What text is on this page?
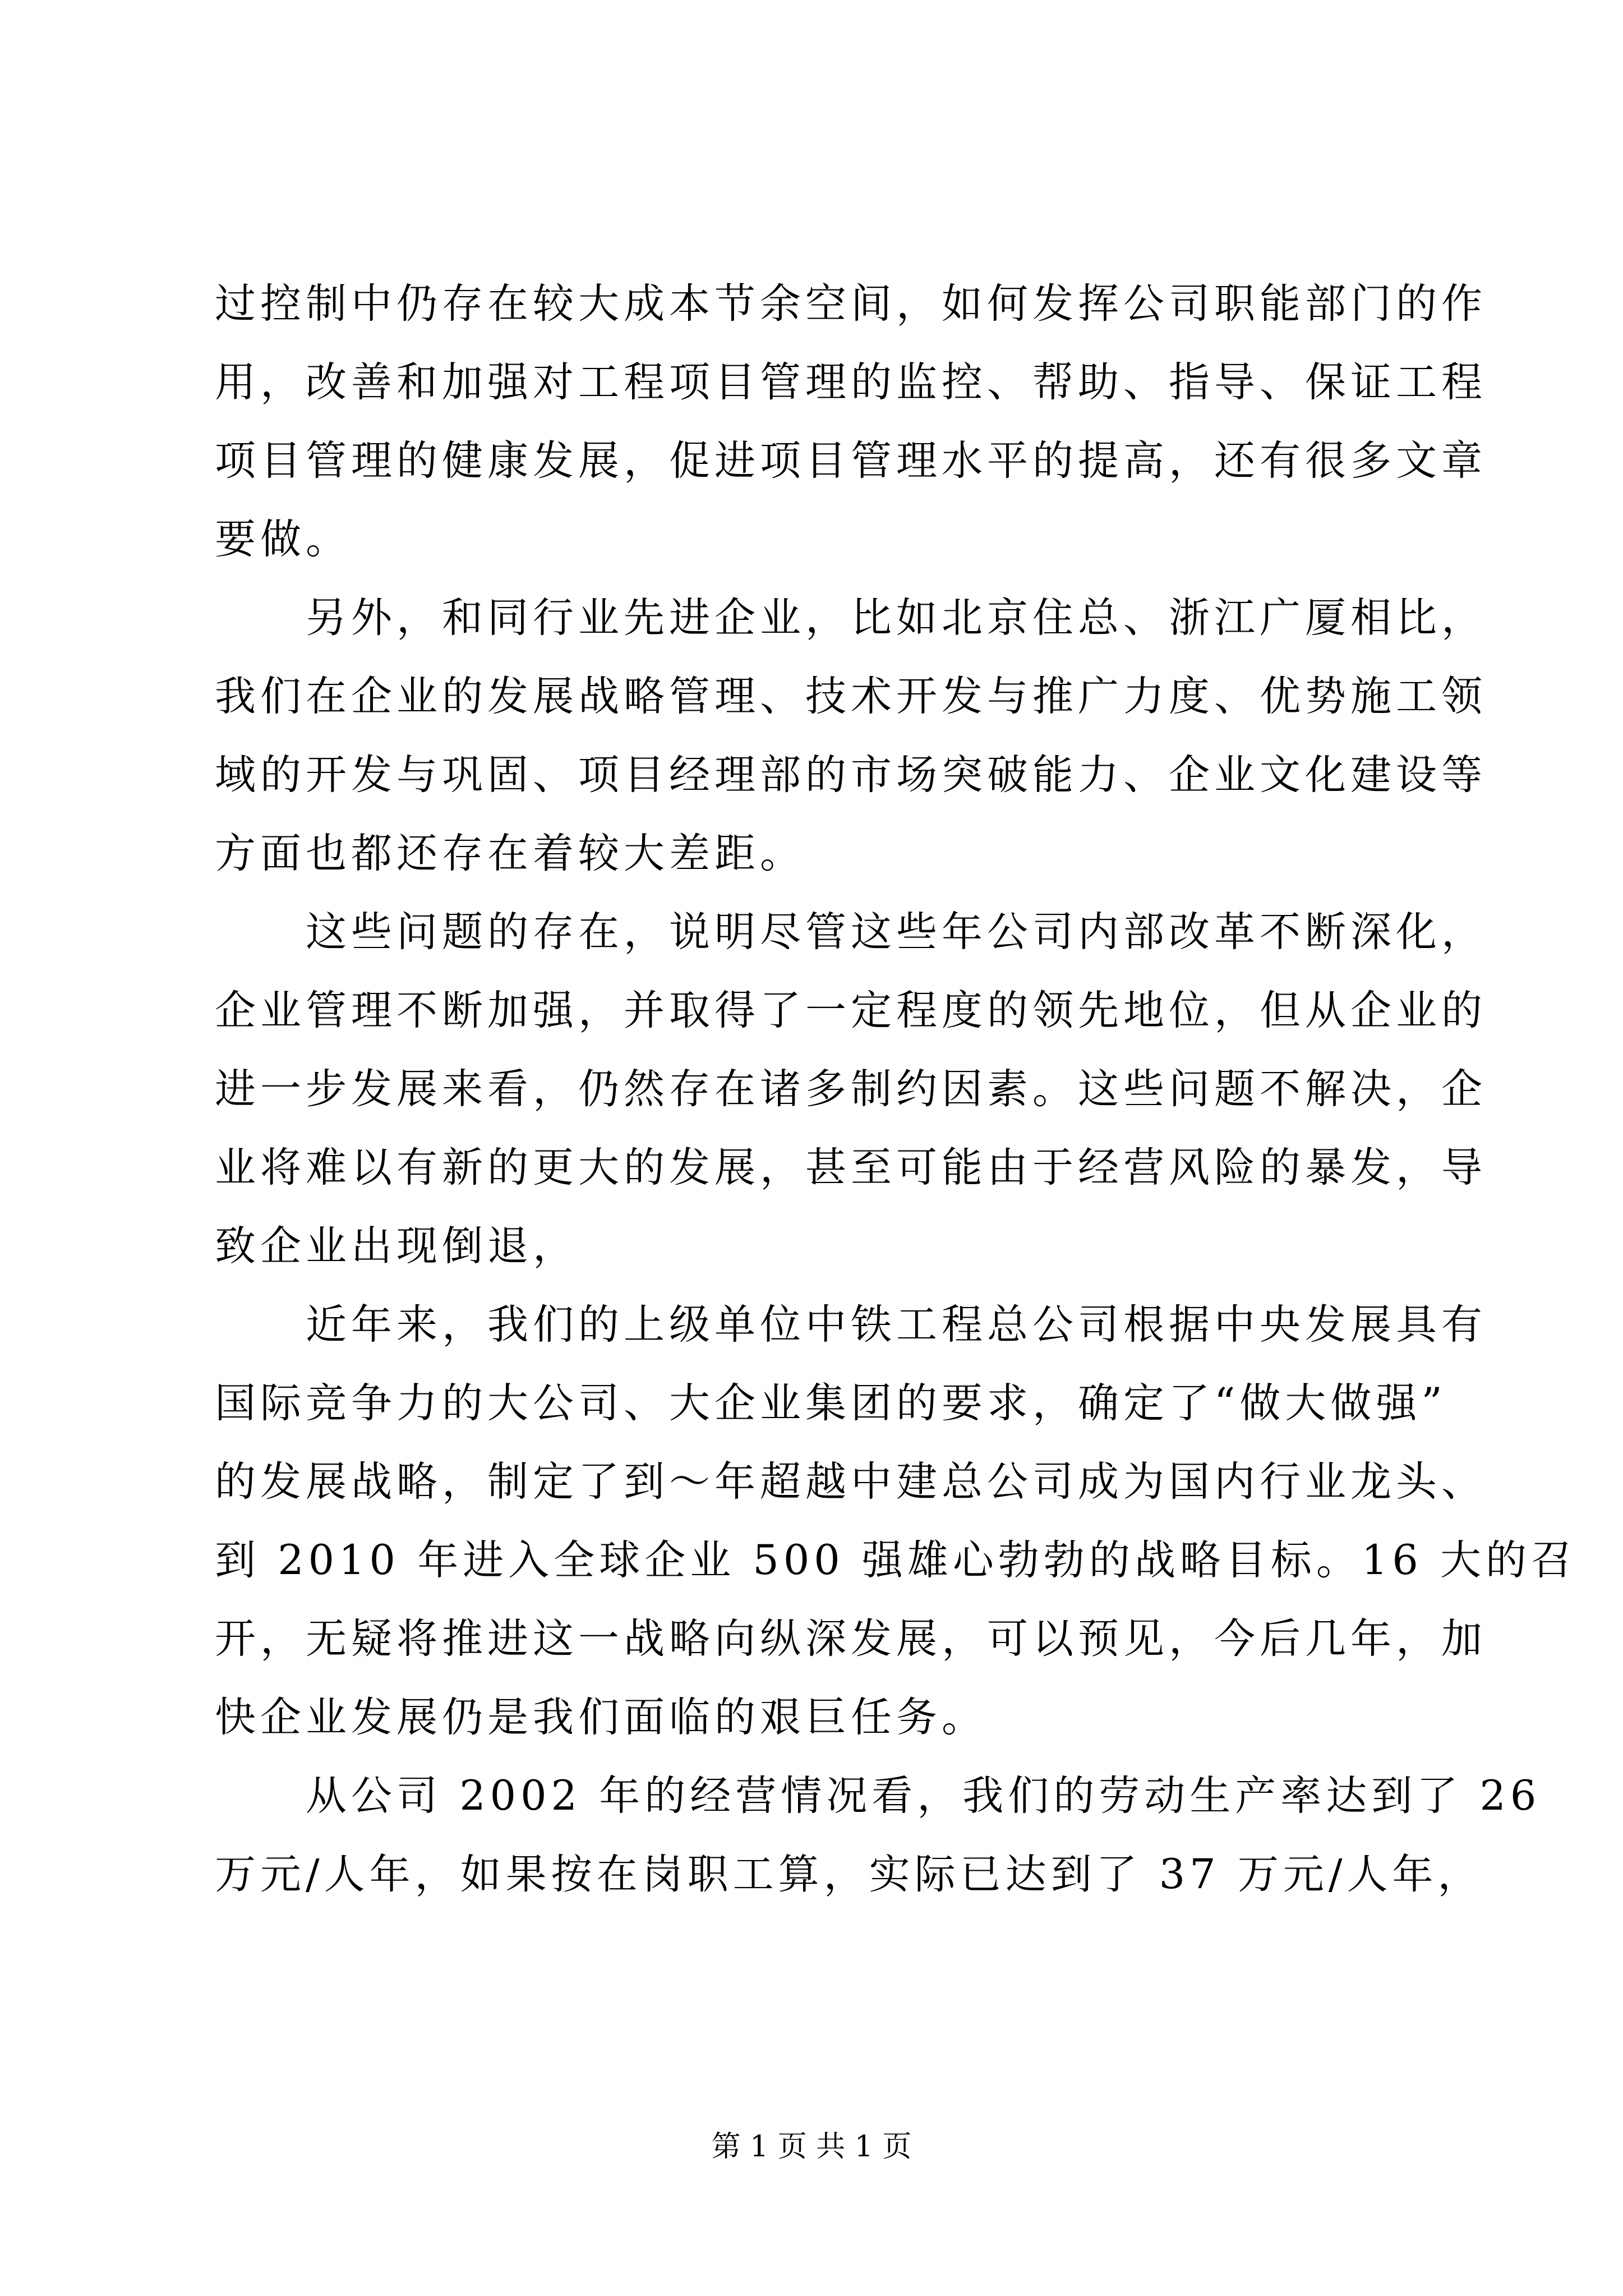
过控制中仍存在较大成本节余空间，如何发挥公司职能部门的作
用，改善和加强对工程项目管理的监控、帮助、指导、保证工程
项目管理的健康发展，促进项目管理水平的提高，还有很多文章
要做。
另外，和同行业先进企业，比如北京住总、浙江广厦相比，
我们在企业的发展战略管理、技术开发与推广力度、优势施工领
域的开发与巩固、项目经理部的市场突破能力、企业文化建设等
方面也都还存在着较大差距。
这些问题的存在，说明尽管这些年公司内部改革不断深化，
企业管理不断加强，并取得了一定程度的领先地位，但从企业的
进一步发展来看，仍然存在诸多制约因素。这些问题不解决，企
业将难以有新的更大的发展，甚至可能由于经营风险的暴发，导
致企业出现倒退，
近年来，我们的上级单位中铁工程总公司根据中央发展具有
国际竞争力的大公司、大企业集团的要求，确定了“做大做强”
的发展战略，制定了到～年超越中建总公司成为国内行业龙头、
到 2010 年进入全球企业 500 强雄心勃勃的战略目标。16 大的召
开，无疑将推进这一战略向纵深发展，可以预见，今后几年，加
快企业发展仍是我们面临的艰巨任务。
从公司 2002 年的经营情况看，我们的劳动生产率达到了 26
万元/人年，如果按在岗职工算，实际已达到了 37 万元/人年，
第 1 页 共 1 页
